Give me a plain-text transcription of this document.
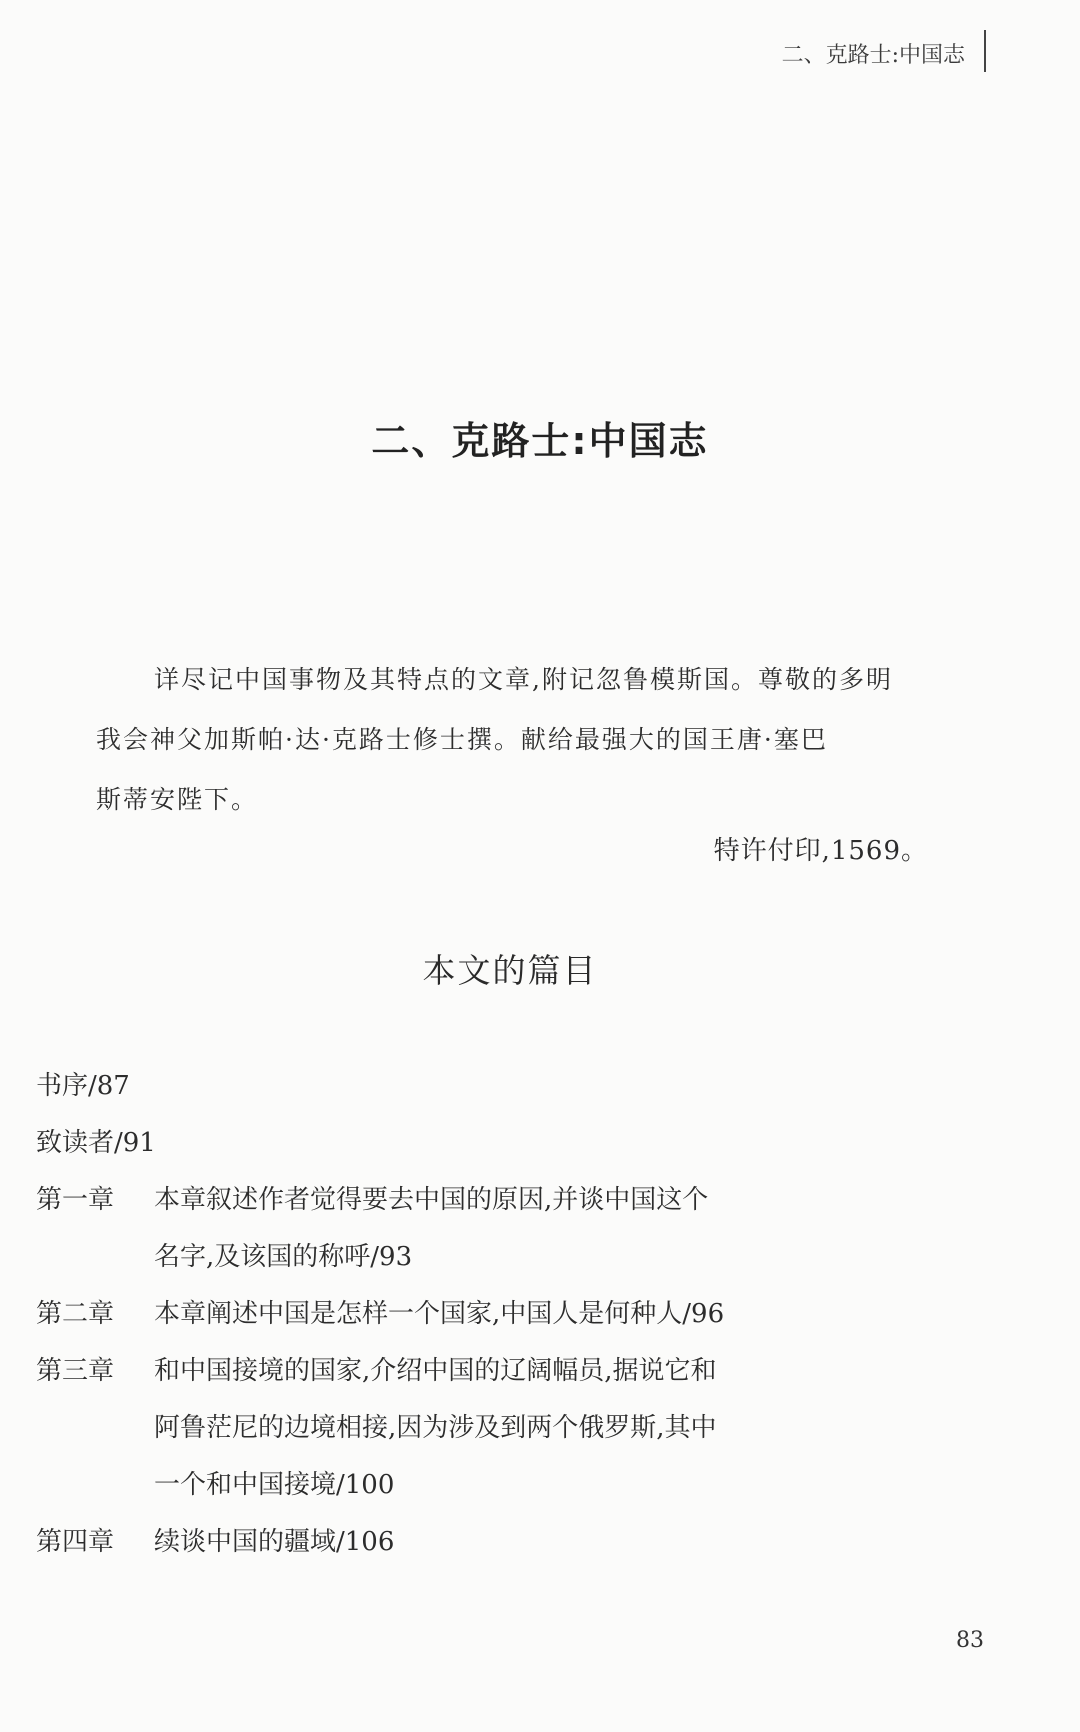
二、克路士:中国志
二、克路士:中国志
详尽记中国事物及其特点的文章,附记忽鲁模斯国。尊敬的多明
我会神父加斯帕·达·克路士修士撰。献给最强大的国王唐·塞巴
斯蒂安陛下。
特许付印,1569。
本文的篇目
书序/87
致读者/91
第一章	本章叙述作者觉得要去中国的原因,并谈中国这个
名字,及该国的称呼/93
第二章	本章阐述中国是怎样一个国家,中国人是何种人/96
第三章	和中国接境的国家,介绍中国的辽阔幅员,据说它和
阿鲁茫尼的边境相接,因为涉及到两个俄罗斯,其中
一个和中国接境/100
第四章	续谈中国的疆域/106
83
